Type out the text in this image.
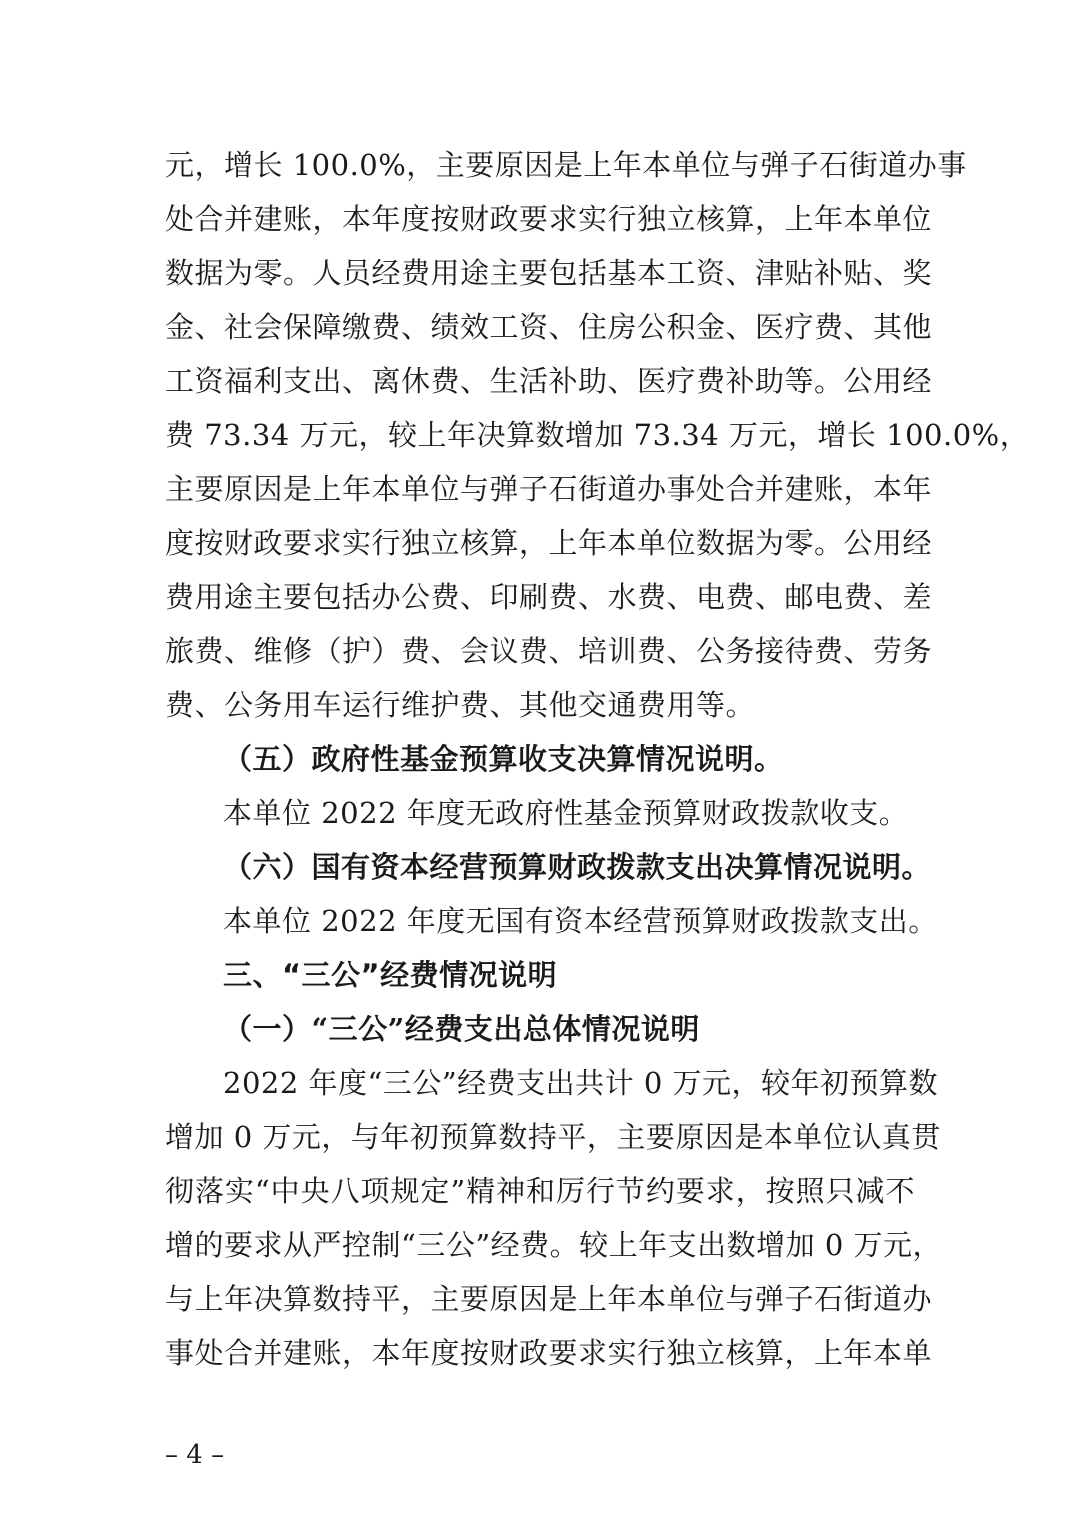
元，增长 100.0%，主要原因是上年本单位与弹子石街道办事
处合并建账，本年度按财政要求实行独立核算，上年本单位
数据为零。人员经费用途主要包括基本工资、津贴补贴、奖
金、社会保障缴费、绩效工资、住房公积金、医疗费、其他
工资福利支出、离休费、生活补助、医疗费补助等。公用经
费 73.34 万元，较上年决算数增加 73.34 万元，增长 100.0%，
主要原因是上年本单位与弹子石街道办事处合并建账，本年
度按财政要求实行独立核算，上年本单位数据为零。公用经
费用途主要包括办公费、印刷费、水费、电费、邮电费、差
旅费、维修（护）费、会议费、培训费、公务接待费、劳务
费、公务用车运行维护费、其他交通费用等。
（五）政府性基金预算收支决算情况说明。
本单位 2022 年度无政府性基金预算财政拨款收支。
（六）国有资本经营预算财政拨款支出决算情况说明。
本单位 2022 年度无国有资本经营预算财政拨款支出。
三、“三公”经费情况说明
（一）“三公”经费支出总体情况说明
2022 年度“三公”经费支出共计 0 万元，较年初预算数
增加 0 万元，与年初预算数持平，主要原因是本单位认真贯
彻落实“中央八项规定”精神和厉行节约要求，按照只减不
增的要求从严控制“三公”经费。较上年支出数增加 0 万元，
与上年决算数持平，主要原因是上年本单位与弹子石街道办
事处合并建账，本年度按财政要求实行独立核算，上年本单
– 4 –
